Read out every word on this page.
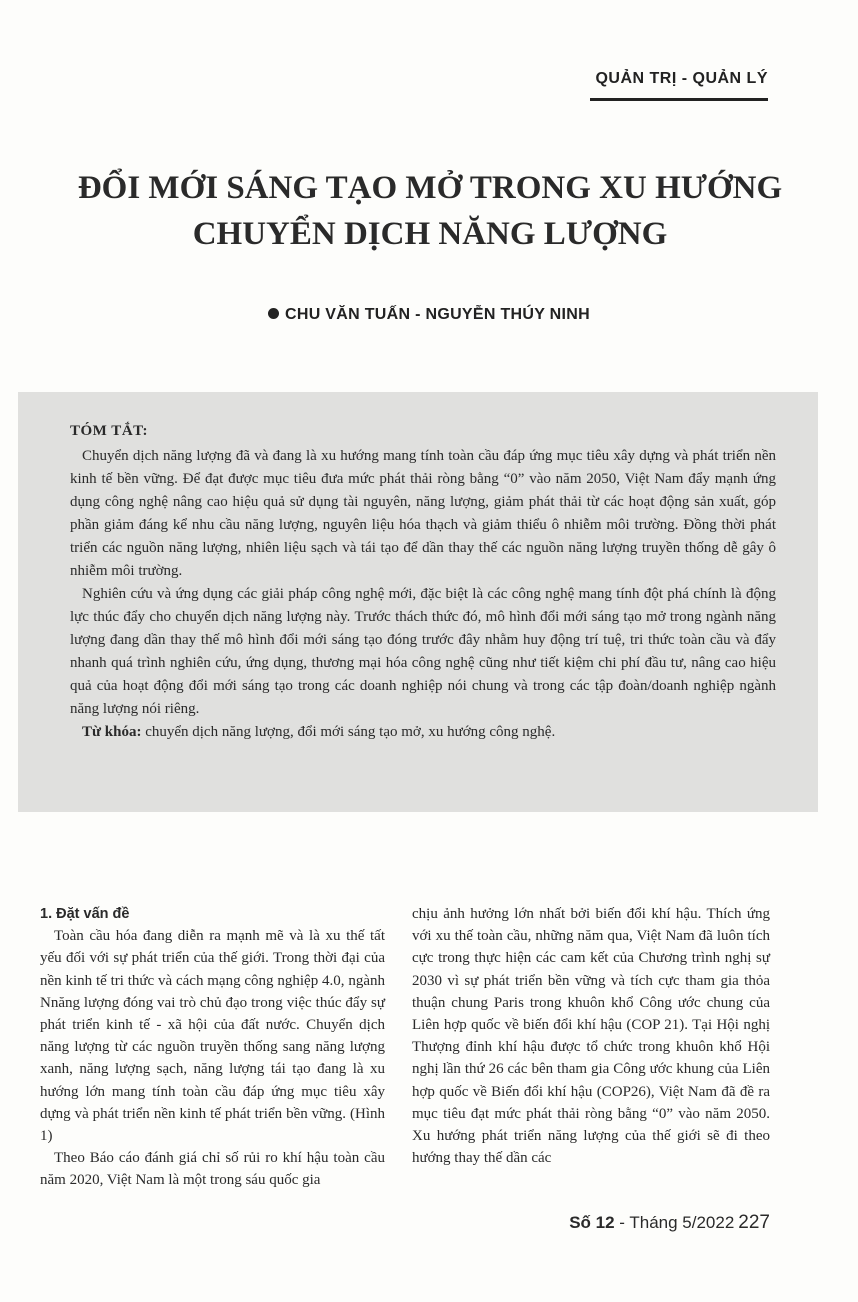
QUẢN TRỊ - QUẢN LÝ
ĐỔI MỚI SÁNG TẠO MỞ TRONG XU HƯỚNG
CHUYỂN DỊCH NĂNG LƯỢNG
CHU VĂN TUẤN - NGUYỄN THÚY NINH
TÓM TẮT:

Chuyển dịch năng lượng đã và đang là xu hướng mang tính toàn cầu đáp ứng mục tiêu xây dựng và phát triển nền kinh tế bền vững. Để đạt được mục tiêu đưa mức phát thải ròng bằng “0” vào năm 2050, Việt Nam đẩy mạnh ứng dụng công nghệ nâng cao hiệu quả sử dụng tài nguyên, năng lượng, giảm phát thải từ các hoạt động sản xuất, góp phần giảm đáng kể nhu cầu năng lượng, nguyên liệu hóa thạch và giảm thiểu ô nhiễm môi trường. Đồng thời phát triển các nguồn năng lượng, nhiên liệu sạch và tái tạo để dần thay thế các nguồn năng lượng truyền thống dễ gây ô nhiễm môi trường.

Nghiên cứu và ứng dụng các giải pháp công nghệ mới, đặc biệt là các công nghệ mang tính đột phá chính là động lực thúc đẩy cho chuyển dịch năng lượng này. Trước thách thức đó, mô hình đổi mới sáng tạo mở trong ngành năng lượng đang dần thay thế mô hình đổi mới sáng tạo đóng trước đây nhằm huy động trí tuệ, tri thức toàn cầu và đẩy nhanh quá trình nghiên cứu, ứng dụng, thương mại hóa công nghệ cũng như tiết kiệm chi phí đầu tư, nâng cao hiệu quả của hoạt động đổi mới sáng tạo trong các doanh nghiệp nói chung và trong các tập đoàn/doanh nghiệp ngành năng lượng nói riêng.

Từ khóa: chuyển dịch năng lượng, đổi mới sáng tạo mở, xu hướng công nghệ.

1. Đặt vấn đề

Toàn cầu hóa đang diễn ra mạnh mẽ và là xu thế tất yếu đối với sự phát triển của thế giới. Trong thời đại của nền kinh tế tri thức và cách mạng công nghiệp 4.0, ngành Nnăng lượng đóng vai trò chủ đạo trong việc thúc đẩy sự phát triển kinh tế - xã hội của đất nước. Chuyển dịch năng lượng từ các nguồn truyền thống sang năng lượng xanh, năng lượng sạch, năng lượng tái tạo đang là xu hướng lớn mang tính toàn cầu đáp ứng mục tiêu xây dựng và phát triển nền kinh tế phát triển bền vững. (Hình 1)

Theo Báo cáo đánh giá chỉ số rủi ro khí hậu toàn cầu năm 2020, Việt Nam là một trong sáu quốc gia

chịu ảnh hưởng lớn nhất bởi biến đổi khí hậu. Thích ứng với xu thế toàn cầu, những năm qua, Việt Nam đã luôn tích cực trong thực hiện các cam kết của Chương trình nghị sự 2030 vì sự phát triển bền vững và tích cực tham gia thỏa thuận chung Paris trong khuôn khổ Công ước chung của Liên hợp quốc về biến đổi khí hậu (COP 21). Tại Hội nghị Thượng đỉnh khí hậu được tổ chức trong khuôn khổ Hội nghị lần thứ 26 các bên tham gia Công ước khung của Liên hợp quốc về Biến đổi khí hậu (COP26), Việt Nam đã đề ra mục tiêu đạt mức phát thải ròng bằng “0” vào năm 2050. Xu hướng phát triển năng lượng của thế giới sẽ đi theo hướng thay thế dần các

Số 12 - Tháng 5/2022 227
